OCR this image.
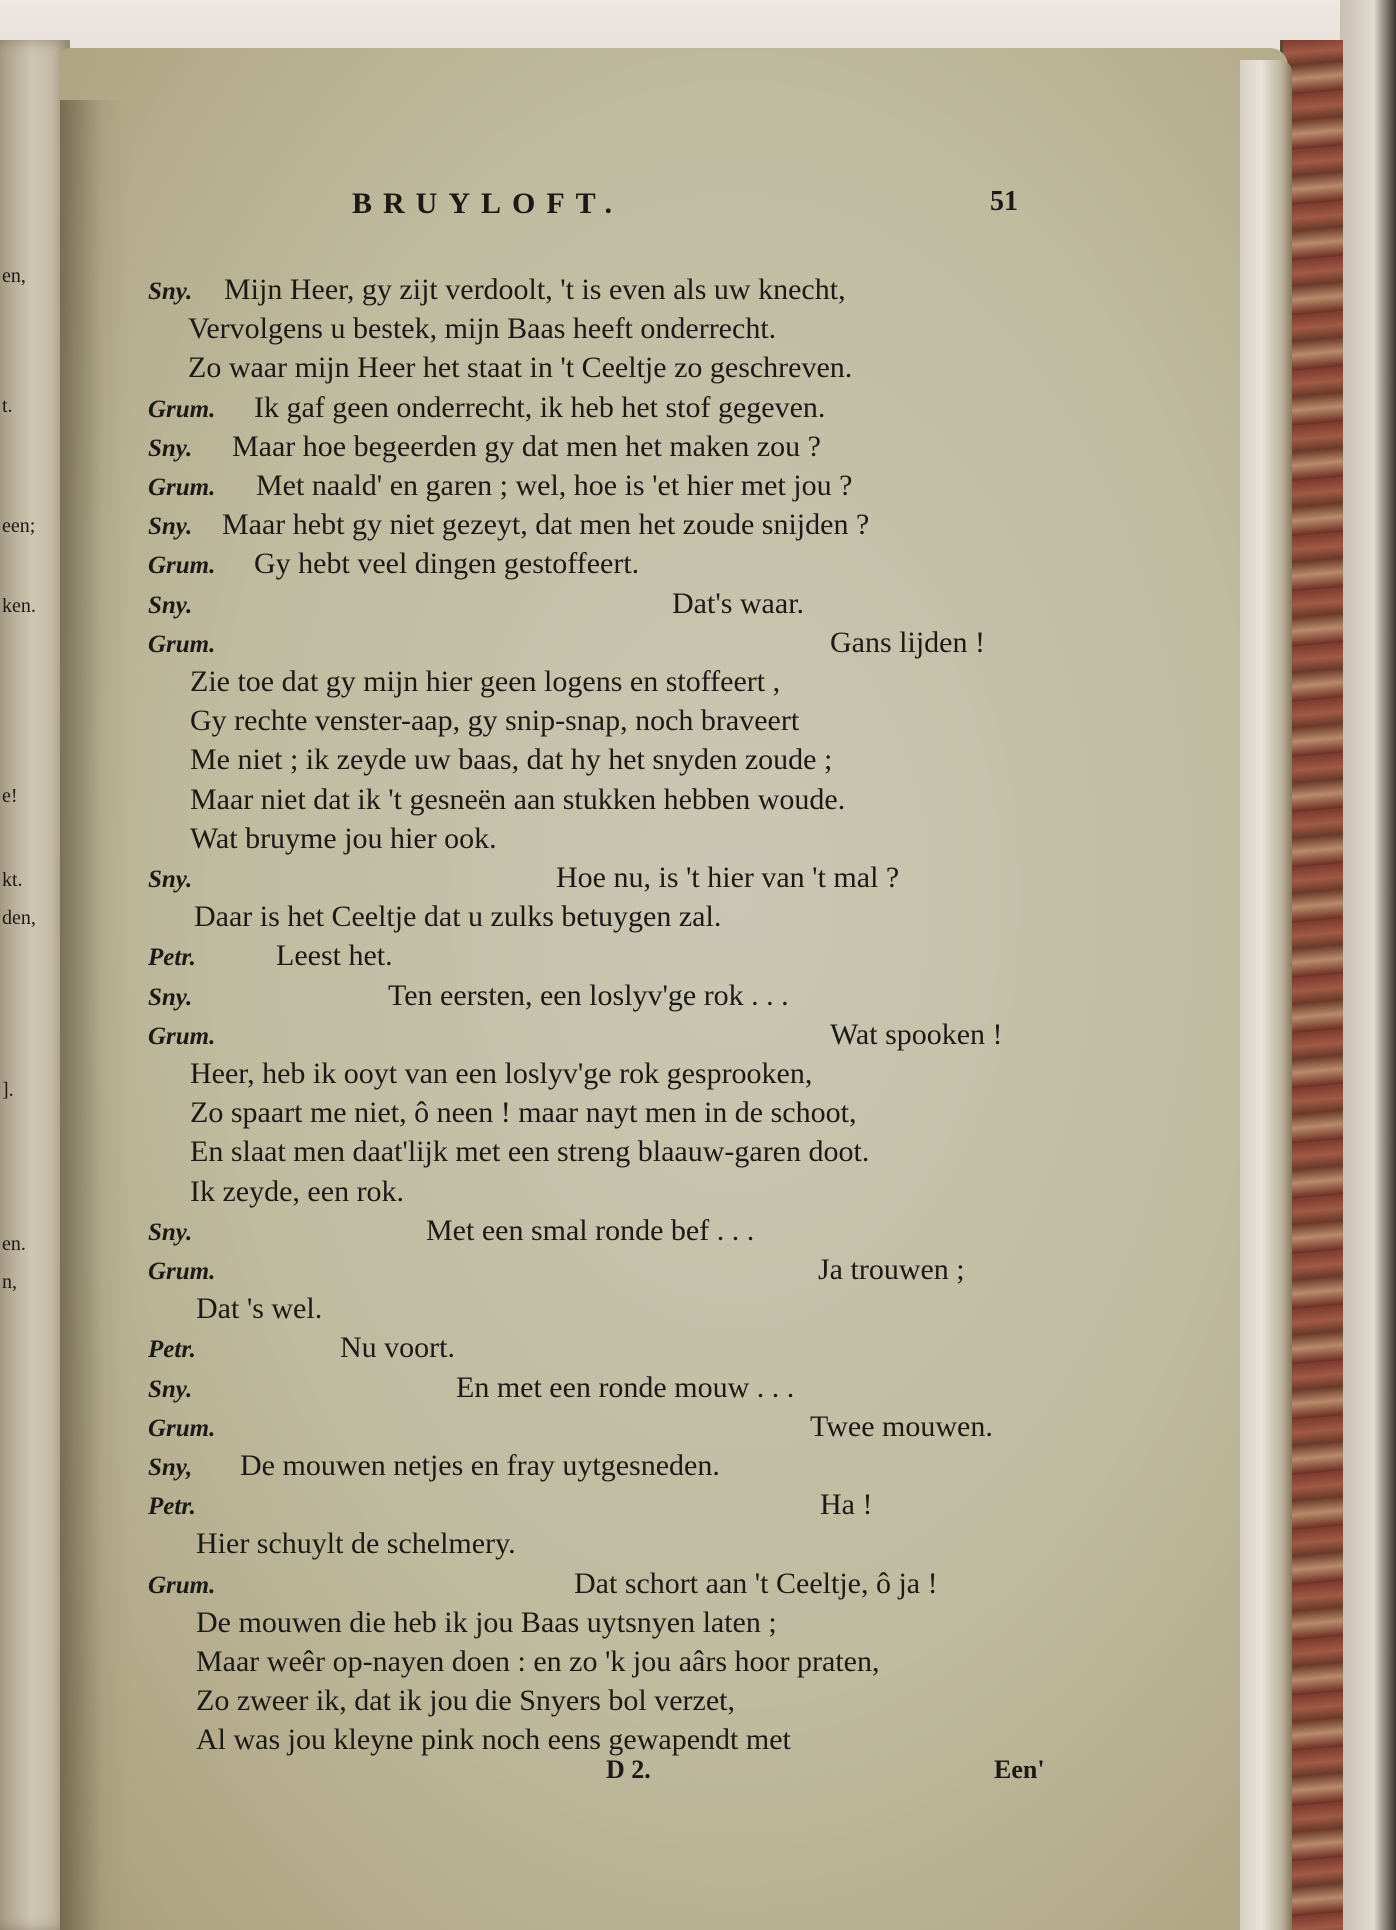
en,
t.
een;
ken.
e!
kt.
den,
].
en.
n,
BRUYLOFT.	51
Sny. Mijn Heer, gy zijt verdoolt, 't is even als uw knecht,
Vervolgens u bestek, mijn Baas heeft onderrecht.
Zo waar mijn Heer het staat in 't Ceeltje zo geschreven.
Grum. Ik gaf geen onderrecht, ik heb het stof gegeven.
Sny. Maar hoe begeerden gy dat men het maken zou ?
Grum. Met naald' en garen ; wel, hoe is 'et hier met jou ?
Sny. Maar hebt gy niet gezeyt, dat men het zoude snijden ?
Grum. Gy hebt veel dingen gestoffeert.
Sny.	Dat's waar.
Grum.	Gans lijden !
Zie toe dat gy mijn hier geen logens en stoffeert ,
Gy rechte venster-aap, gy snip-snap, noch braveert
Me niet ; ik zeyde uw baas, dat hy het snyden zoude ;
Maar niet dat ik 't gesneën aan stukken hebben woude.
Wat bruyme jou hier ook.
Sny.	Hoe nu, is 't hier van 't mal ?
Daar is het Ceeltje dat u zulks betuygen zal.
Petr.	Leest het.
Sny.	Ten eersten, een loslyv'ge rok . . .
Grum.	Wat spooken !
Heer, heb ik ooyt van een loslyv'ge rok gesprooken,
Zo spaart me niet, ô neen ! maar nayt men in de schoot,
En slaat men daat'lijk met een streng blaauw-garen doot.
Ik zeyde, een rok.
Sny.	Met een smal ronde bef . . .
Grum.	Ja trouwen ;
Dat 's wel.
Petr.	Nu voort.
Sny.	En met een ronde mouw . . .
Grum.	Twee mouwen.
Sny, De mouwen netjes en fray uytgesneden.
Petr.	Ha !
Hier schuylt de schelmery.
Grum.	Dat schort aan 't Ceeltje, ô ja !
De mouwen die heb ik jou Baas uytsnyen laten ;
Maar weêr op-nayen doen : en zo 'k jou aârs hoor praten,
Zo zweer ik, dat ik jou die Snyers bol verzet,
Al was jou kleyne pink noch eens gewapendt met
D 2.	Een'
